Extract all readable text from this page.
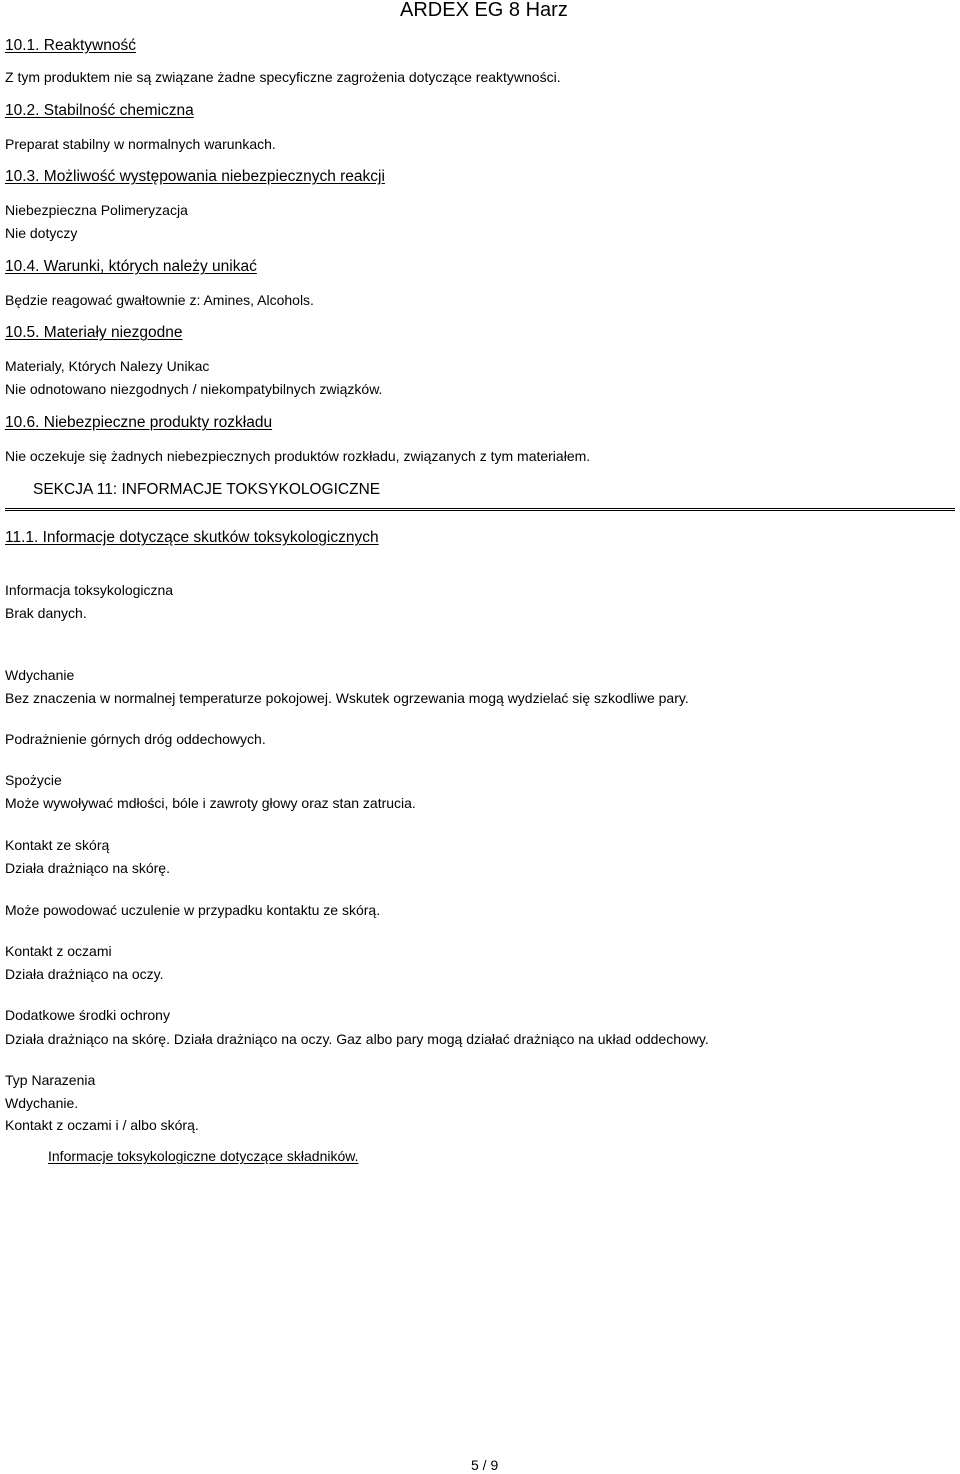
ARDEX EG 8 Harz
10.1. Reaktywność
Z tym produktem nie są związane żadne specyficzne zagrożenia dotyczące reaktywności.
10.2. Stabilność chemiczna
Preparat stabilny w normalnych warunkach.
10.3. Możliwość występowania niebezpiecznych reakcji
Niebezpieczna Polimeryzacja
Nie dotyczy
10.4. Warunki, których należy unikać
Będzie reagować gwałtownie z: Amines, Alcohols.
10.5. Materiały niezgodne
Materialy, Których Nalezy Unikac
Nie odnotowano niezgodnych / niekompatybilnych związków.
10.6. Niebezpieczne produkty rozkładu
Nie oczekuje się żadnych niebezpiecznych produktów rozkładu, związanych z tym materiałem.
SEKCJA 11: INFORMACJE TOKSYKOLOGICZNE
11.1. Informacje dotyczące skutków toksykologicznych
Informacja toksykologiczna
Brak danych.
Wdychanie
Bez znaczenia w normalnej temperaturze pokojowej. Wskutek ogrzewania mogą wydzielać się szkodliwe pary.
Podrażnienie górnych dróg oddechowych.
Spożycie
Może wywoływać mdłości, bóle i zawroty głowy oraz stan zatrucia.
Kontakt ze skórą
Działa drażniąco na skórę.
Może powodować uczulenie w przypadku kontaktu ze skórą.
Kontakt z oczami
Działa drażniąco na oczy.
Dodatkowe środki ochrony
Działa drażniąco na skórę. Działa drażniąco na oczy. Gaz albo pary mogą działać drażniąco na układ oddechowy.
Typ Narazenia
Wdychanie.
Kontakt z oczami i / albo skórą.
Informacje toksykologiczne dotyczące składników.
5 / 9
